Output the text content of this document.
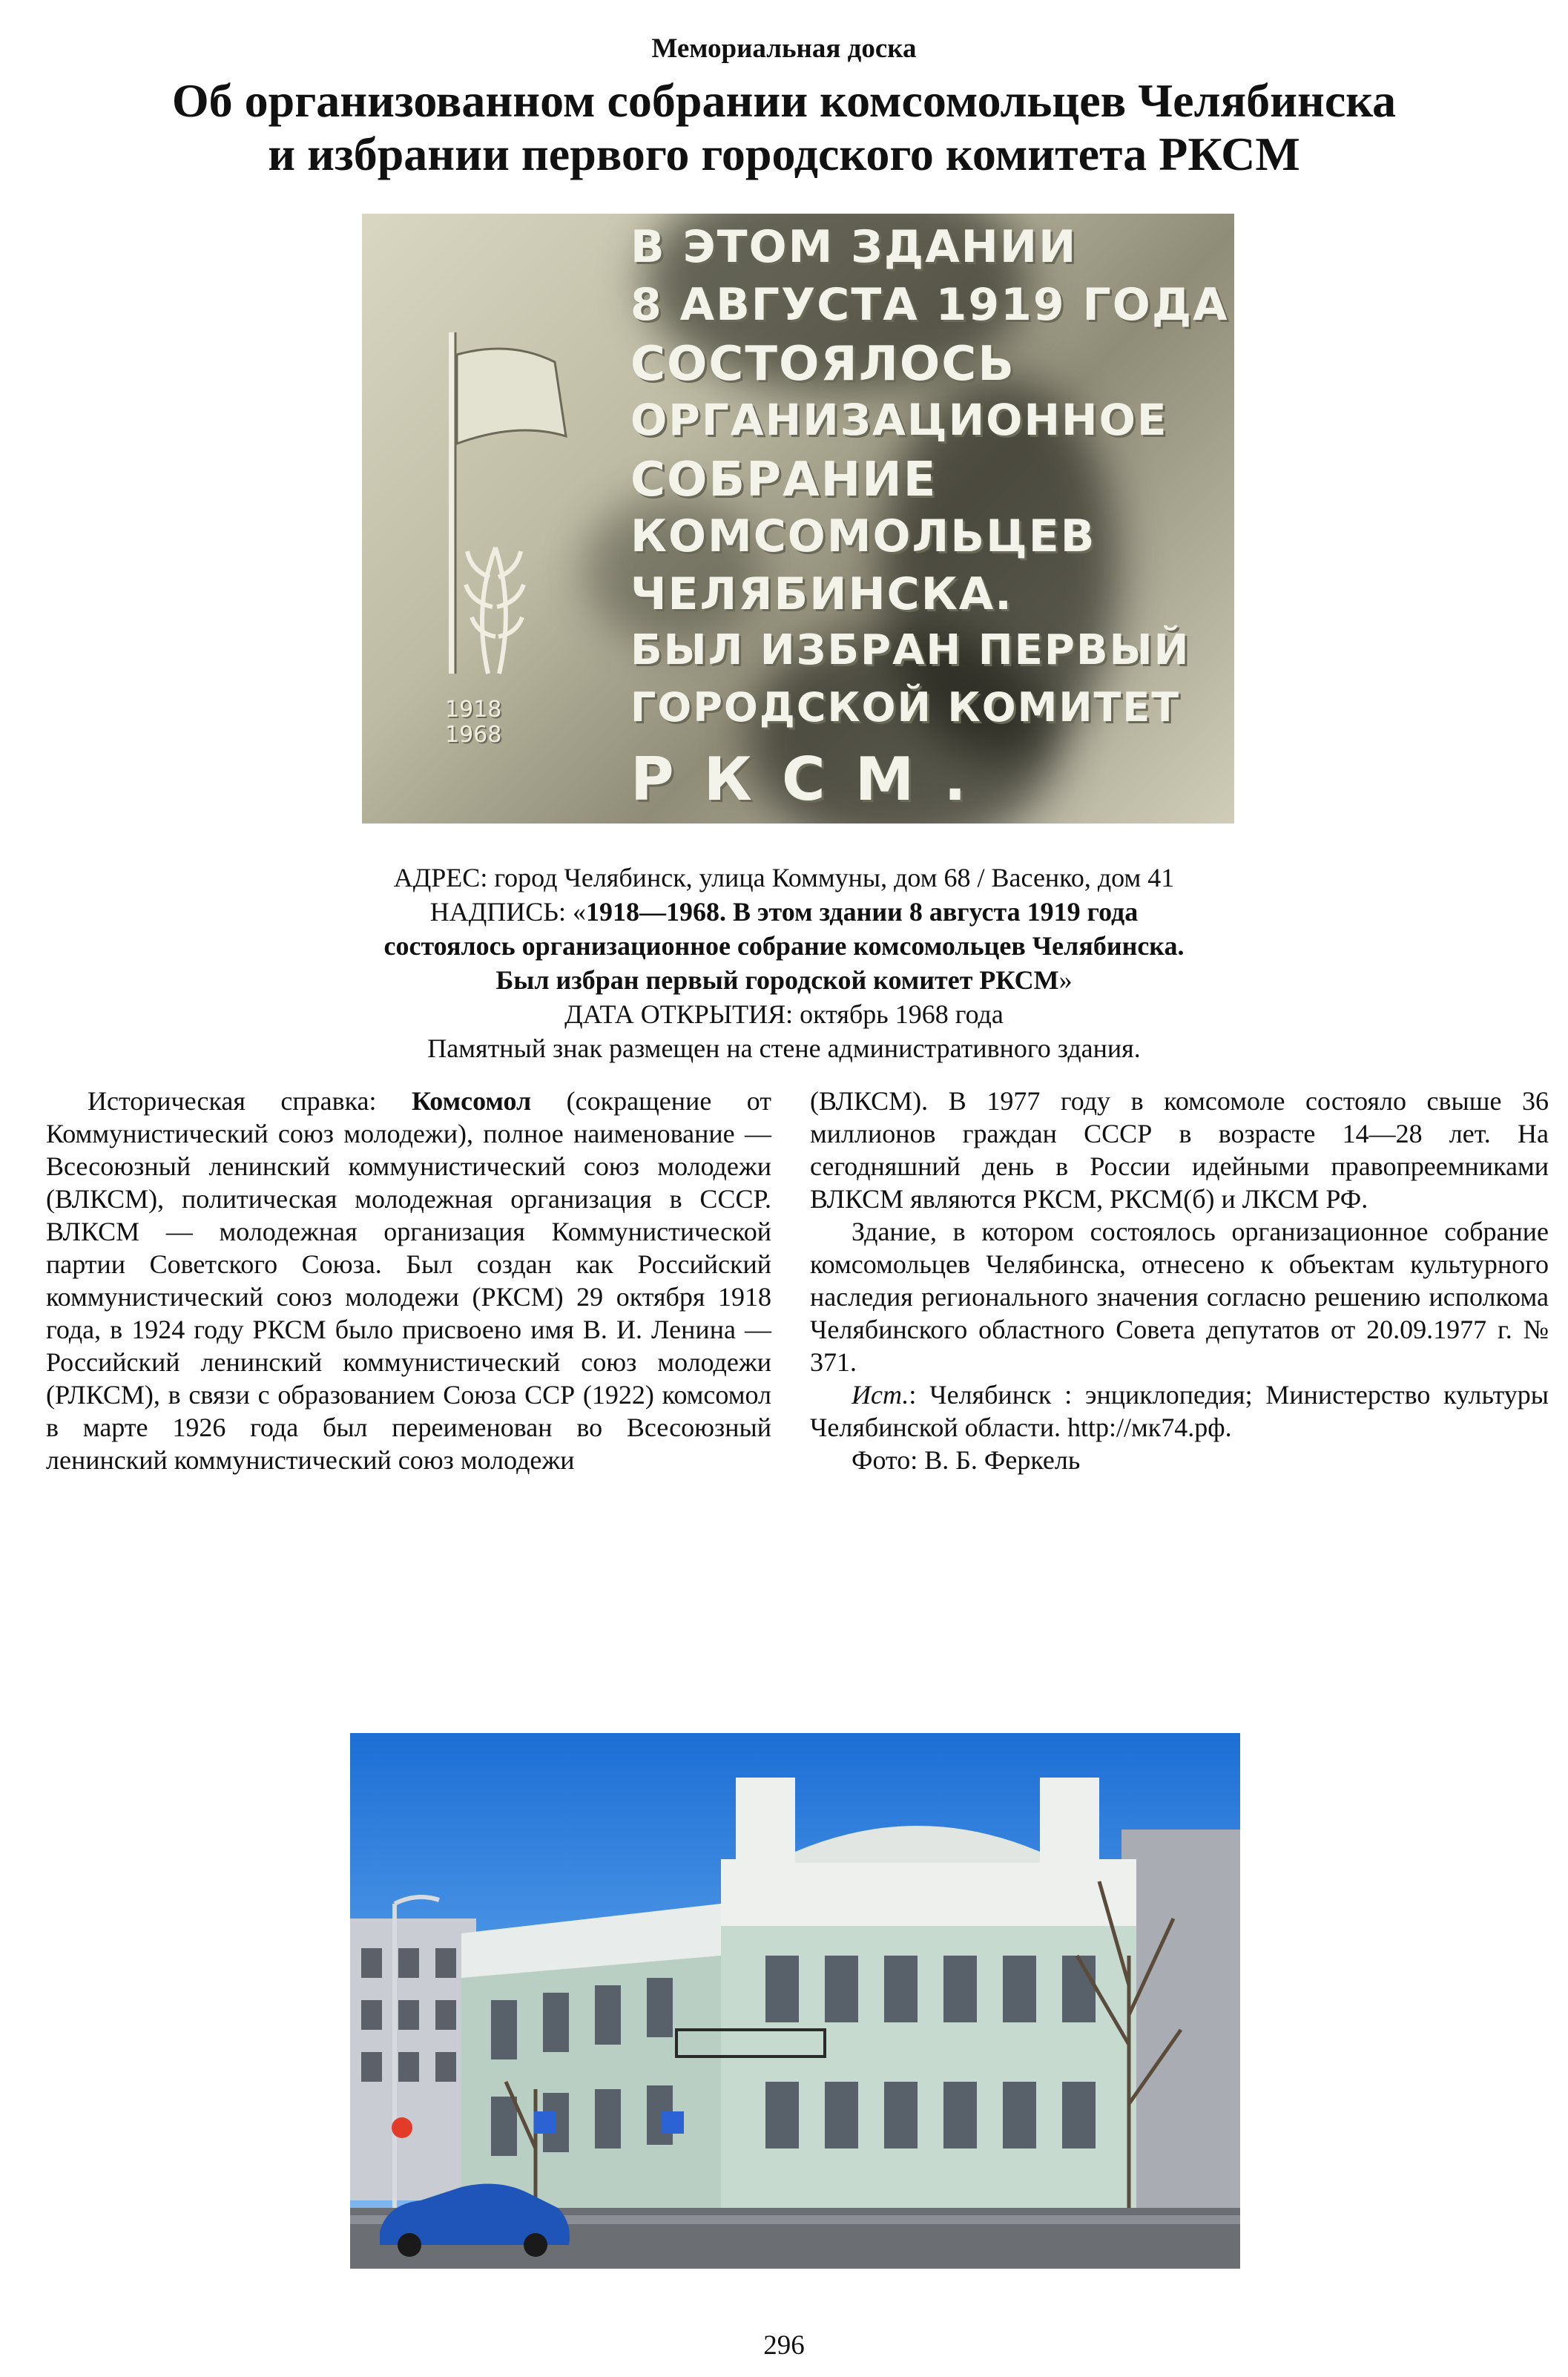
Мемориальная доска
Об организованном собрании комсомольцев Челябинска
и избрании первого городского комитета РКСМ
1918
1968
В ЭТОМ ЗДАНИИ
8 АВГУСТА 1919 ГОДА
СОСТОЯЛОСЬ
ОРГАНИЗАЦИОННОЕ
СОБРАНИЕ
КОМСОМОЛЬЦЕВ
ЧЕЛЯБИНСКА.
БЫЛ ИЗБРАН ПЕРВЫЙ
ГОРОДСКОЙ КОМИТЕТ
РКСМ.
АДРЕС: город Челябинск, улица Коммуны, дом 68 / Васенко, дом 41
НАДПИСЬ: «1918—1968. В этом здании 8 августа 1919 года
состоялось организационное собрание комсомольцев Челябинска.
Был избран первый городской комитет РКСМ»
ДАТА ОТКРЫТИЯ: октябрь 1968 года
Памятный знак размещен на стене административного здания.

Историческая справка: Комсомол (сокращение от Коммунистический союз молодежи), полное наименование — Всесоюзный ленинский коммунистический союз молодежи (ВЛКСМ), политическая молодежная организация в СССР. ВЛКСМ — молодежная организация Коммунистической партии Советского Союза. Был создан как Российский коммунистический союз молодежи (РКСМ) 29 октября 1918 года, в 1924 году РКСМ было присвоено имя В. И. Ленина — Российский ленинский коммунистический союз молодежи (РЛКСМ), в связи с образованием Союза ССР (1922) комсомол в марте 1926 года был переименован во Всесоюзный ленинский коммунистический союз молодежи

(ВЛКСМ). В 1977 году в комсомоле состояло свыше 36 миллионов граждан СССР в возрасте 14—28 лет. На сегодняшний день в России идейными правопреемниками ВЛКСМ являются РКСМ, РКСМ(б) и ЛКСМ РФ.

Здание, в котором состоялось организационное собрание комсомольцев Челябинска, отнесено к объектам культурного наследия регионального значения согласно решению исполкома Челябинского областного Совета депутатов от 20.09.1977 г. № 371.

Ист.: Челябинск : энциклопедия; Министерство культуры Челябинской области. http://мк74.рф.

Фото: В. Б. Феркель

296
